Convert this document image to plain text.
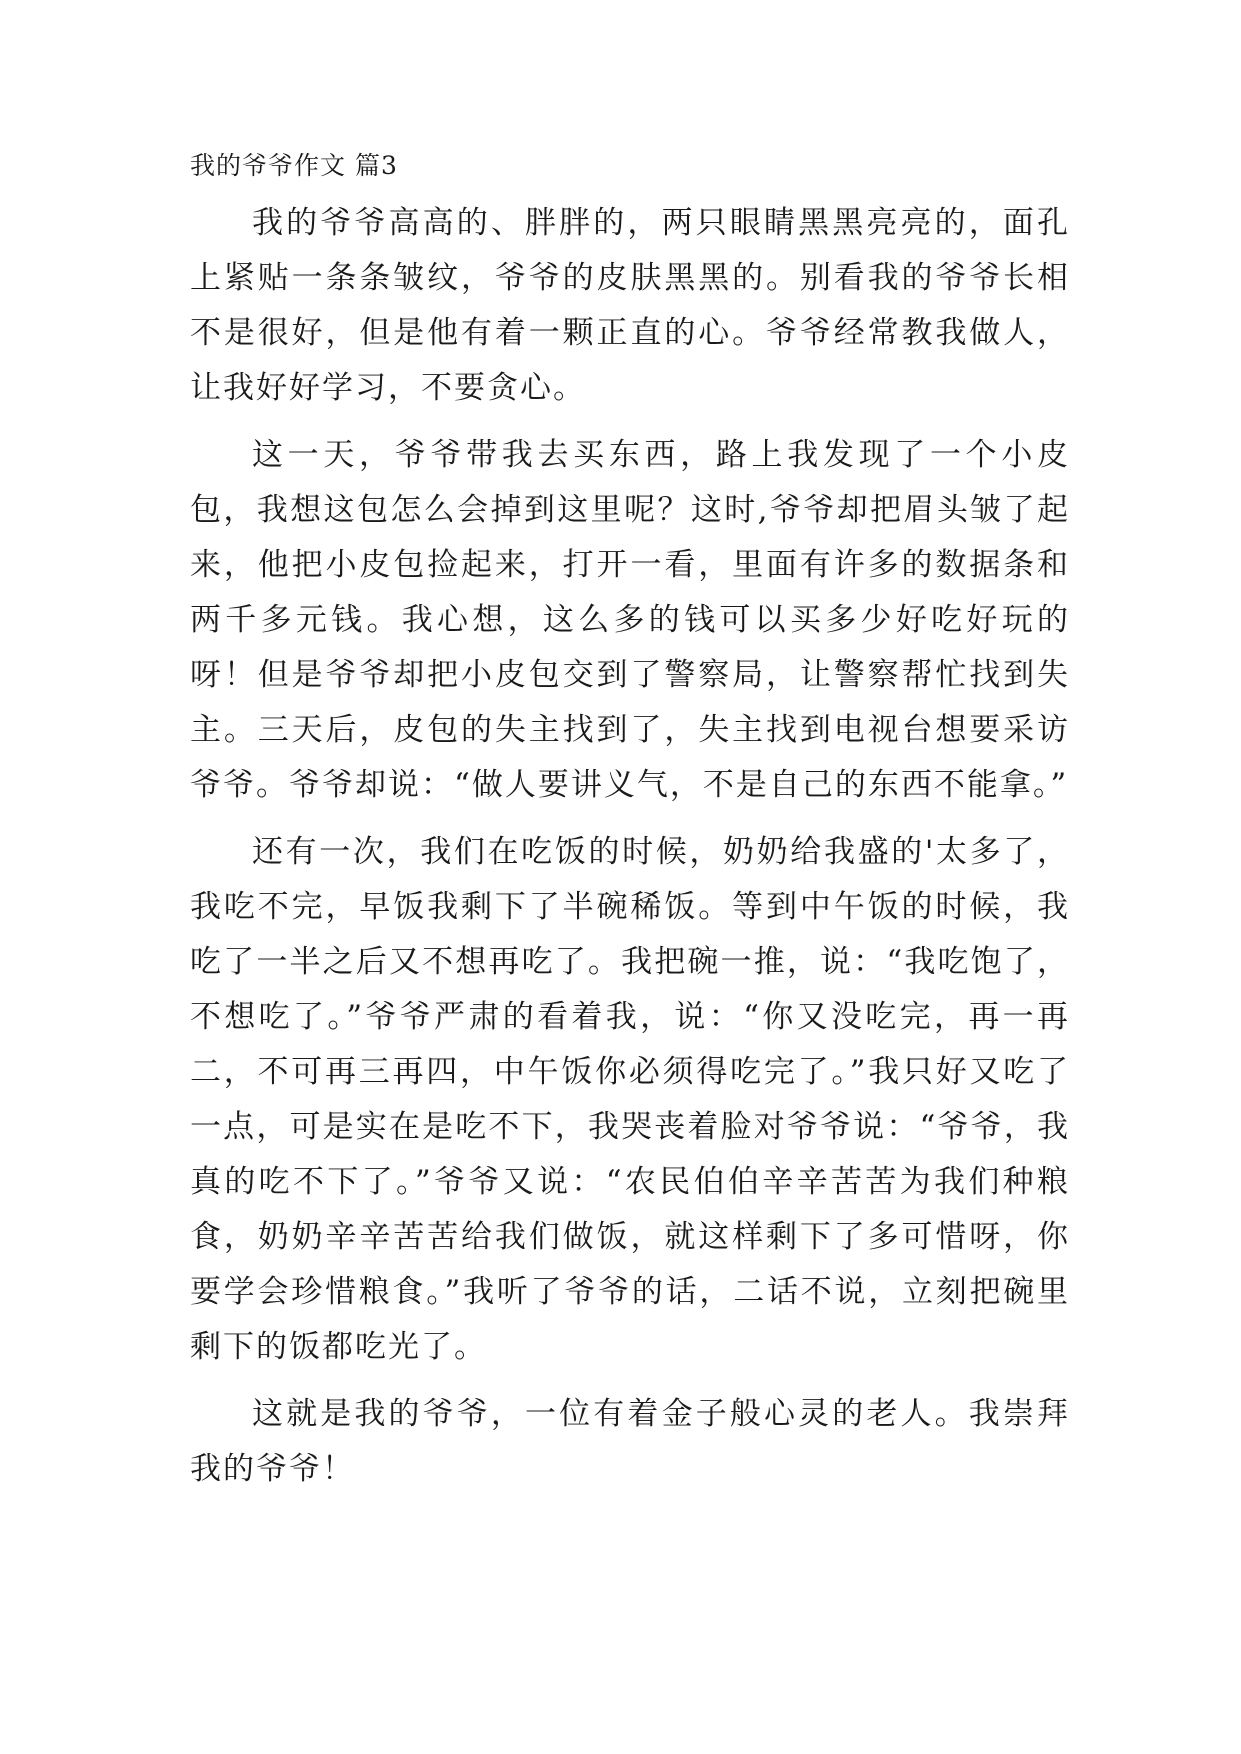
我的爷爷作文 篇3

我的爷爷高高的、胖胖的，两只眼睛黑黑亮亮的，面孔上紧贴一条条皱纹，爷爷的皮肤黑黑的。别看我的爷爷长相不是很好，但是他有着一颗正直的心。爷爷经常教我做人，让我好好学习，不要贪心。

这一天，爷爷带我去买东西，路上我发现了一个小皮包，我想这包怎么会掉到这里呢？这时,爷爷却把眉头皱了起来，他把小皮包捡起来，打开一看，里面有许多的数据条和两千多元钱。我心想，这么多的钱可以买多少好吃好玩的呀！但是爷爷却把小皮包交到了警察局，让警察帮忙找到失主。三天后，皮包的失主找到了，失主找到电视台想要采访爷爷。爷爷却说：“做人要讲义气，不是自己的东西不能拿。”

还有一次，我们在吃饭的时候，奶奶给我盛的'太多了，我吃不完，早饭我剩下了半碗稀饭。等到中午饭的时候，我吃了一半之后又不想再吃了。我把碗一推，说：“我吃饱了，不想吃了。”爷爷严肃的看着我，说：“你又没吃完，再一再二，不可再三再四，中午饭你必须得吃完了。”我只好又吃了一点，可是实在是吃不下，我哭丧着脸对爷爷说：“爷爷，我真的吃不下了。”爷爷又说：“农民伯伯辛辛苦苦为我们种粮食，奶奶辛辛苦苦给我们做饭，就这样剩下了多可惜呀，你要学会珍惜粮食。”我听了爷爷的话，二话不说，立刻把碗里剩下的饭都吃光了。

这就是我的爷爷，一位有着金子般心灵的老人。我崇拜我的爷爷！
